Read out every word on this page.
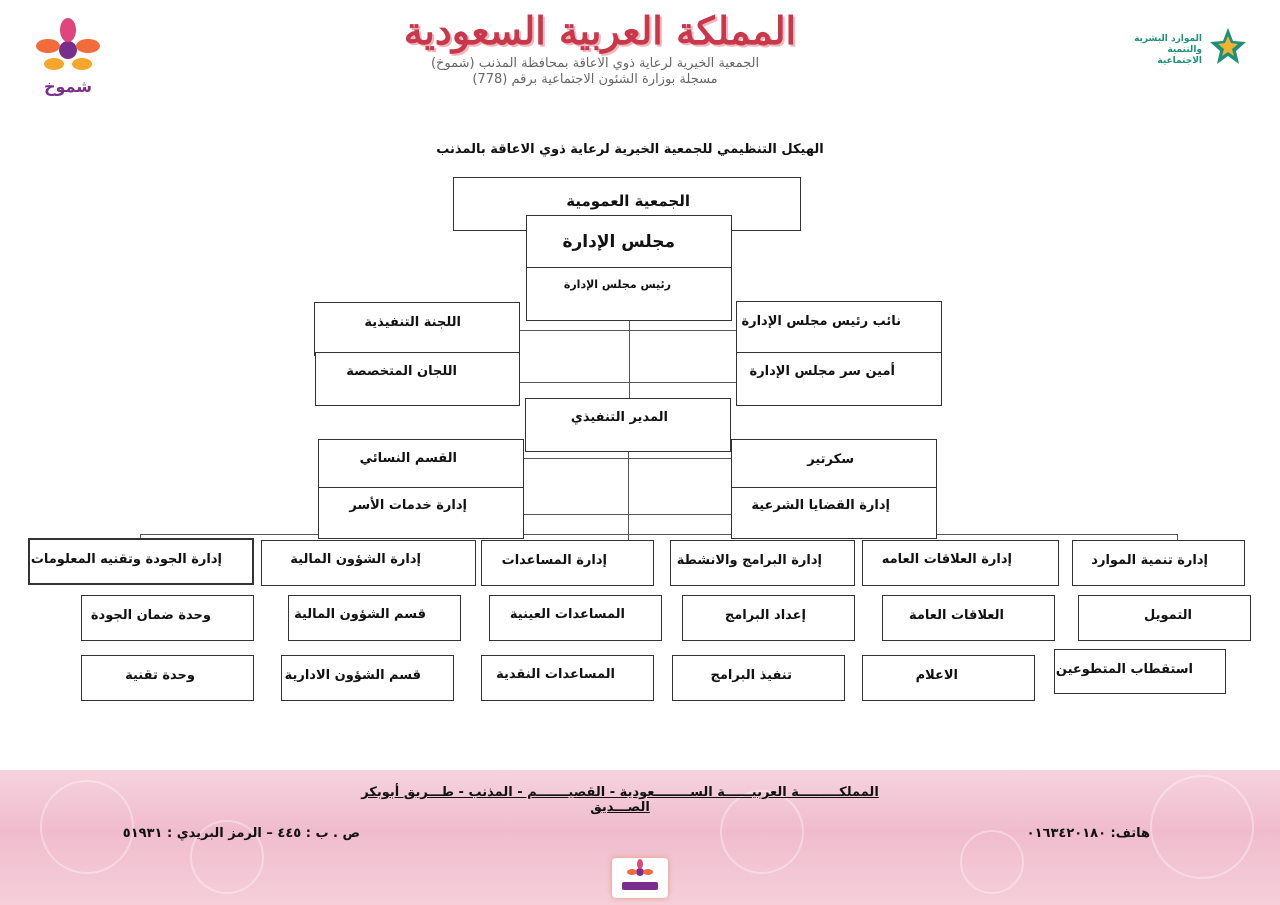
شموخ
المملكة العربية السعودية
الجمعية الخيرية لرعاية ذوي الاعاقة بمحافظة المذنب (شموخ)
مسجلة بوزارة الشئون الاجتماعية برقم (778)
الموارد البشرية
والتنمية الاجتماعية
الهيكل التنظيمي للجمعية الخيرية لرعاية ذوي الاعاقة بالمذنب
الجمعية العمومية
مجلس الإدارة
رئيس مجلس الإدارة
اللجنة التنفيذية
اللجان المتخصصة
نائب رئيس مجلس الإدارة
أمين سر مجلس الإدارة
المدير التنفيذي
القسم النسائي
إدارة خدمات الأسر
سكرتير
إدارة القضايا الشرعية
إدارة تنمية الموارد
إدارة العلاقات العامه
إدارة البرامج والانشطة
إدارة المساعدات
إدارة الشؤون المالية
إدارة الجودة وتقنيه المعلومات
التمويل
العلاقات العامة
إعداد البرامج
المساعدات العينية
قسم الشؤون المالية
وحدة ضمان الجودة
استقطاب المتطوعين
الاعلام
تنفيذ البرامج
المساعدات النقدية
قسم الشؤون الادارية
وحدة تقنية
المملكـــــــــة العربيــــــة الســــــــعودية - القصيـــــــم - المذنب - طـــريق أبوبكر الصـــديق
هاتف: ٠١٦٣٤٢٠١٨٠
ص . ب : ٤٤٥ – الرمز البريدي : ٥١٩٣١
